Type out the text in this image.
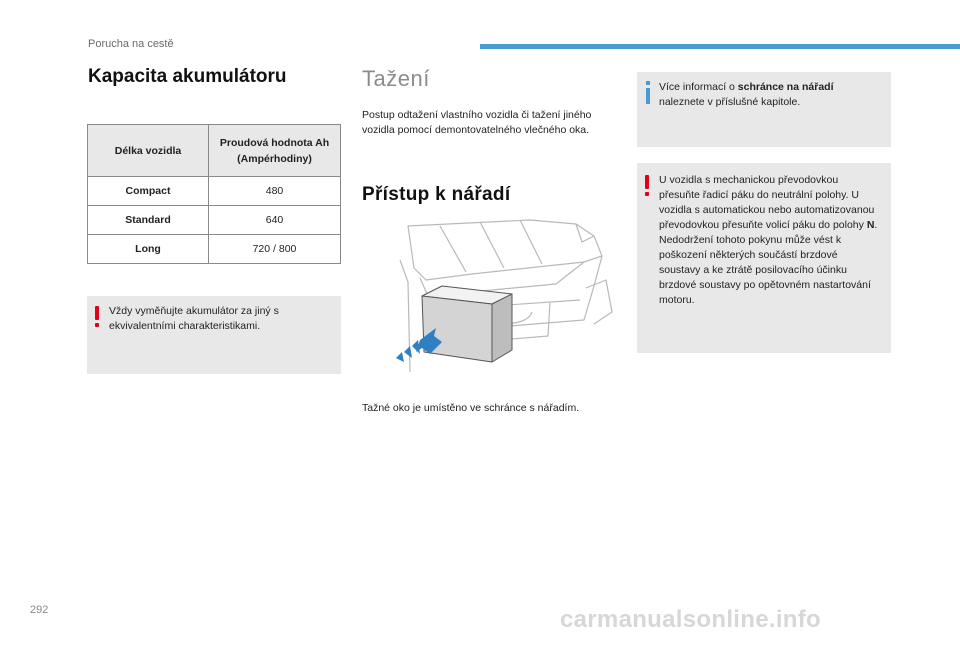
Porucha na cestě
Kapacita akumulátoru
Délka vozidla	Proudová hodnota Ah (Ampérhodiny)
Compact	480
Standard	640
Long	720 / 800
Vždy vyměňujte akumulátor za jiný s ekvivalentními charakteristikami.
Tažení
Postup odtažení vlastního vozidla či tažení jiného vozidla pomocí demontovatelného vlečného oka.
Přístup k nářadí
Tažné oko je umístěno ve schránce s nářadím.
Více informací o schránce na nářadí naleznete v příslušné kapitole.
U vozidla s mechanickou převodovkou přesuňte řadicí páku do neutrální polohy. U vozidla s automatickou nebo automatizovanou převodovkou přesuňte volicí páku do polohy N.
Nedodržení tohoto pokynu může vést k poškození některých součástí brzdové soustavy a ke ztrátě posilovacího účinku brzdové soustavy po opětovném nastartování motoru.
292	carmanualsonline.info
